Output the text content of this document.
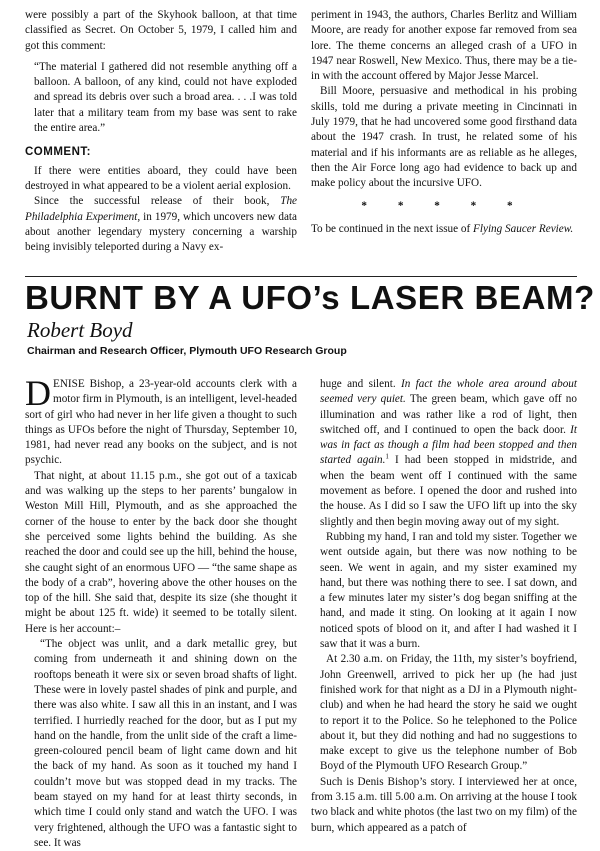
were possibly a part of the Skyhook balloon, at that time classified as Secret. On October 5, 1979, I called him and got this comment:

“The material I gathered did not resemble anything off a balloon. A balloon, of any kind, could not have exploded and spread its debris over such a broad area. . . .I was told later that a military team from my base was sent to rake the entire area.”

COMMENT:

If there were entities aboard, they could have been destroyed in what appeared to be a violent aerial explosion.

Since the successful release of their book, The Philadelphia Experiment, in 1979, which uncovers new data about another legendary mystery concerning a warship being invisibly teleported during a Navy ex-

periment in 1943, the authors, Charles Berlitz and William Moore, are ready for another expose far removed from sea lore. The theme concerns an alleged crash of a UFO in 1947 near Roswell, New Mexico. Thus, there may be a tie-in with the account offered by Major Jesse Marcel.

Bill Moore, persuasive and methodical in his probing skills, told me during a private meeting in Cincinnati in July 1979, that he had uncovered some good firsthand data about the 1947 crash. In trust, he related some of his material and if his informants are as reliable as he alleges, then the Air Force long ago had evidence to back up and make policy about the incursive UFO.

* * * * *

To be continued in the next issue of Flying Saucer Review.

BURNT BY A UFO’s LASER BEAM?
Robert Boyd
Chairman and Research Officer, Plymouth UFO Research Group

DENISE Bishop, a 23-year-old accounts clerk with a motor firm in Plymouth, is an intelligent, level-headed sort of girl who had never in her life given a thought to such things as UFOs before the night of Thursday, September 10, 1981, had never read any books on the subject, and is not psychic.

That night, at about 11.15 p.m., she got out of a taxicab and was walking up the steps to her parents’ bungalow in Weston Mill Hill, Plymouth, and as she approached the corner of the house to enter by the back door she thought she perceived some lights behind the building. As she reached the door and could see up the hill, behind the house, she caught sight of an enormous UFO — “the same shape as the body of a crab”, hovering above the other houses on the top of the hill. She said that, despite its size (she thought it might be about 125 ft. wide) it seemed to be totally silent. Here is her account:–

“The object was unlit, and a dark metallic grey, but coming from underneath it and shining down on the rooftops beneath it were six or seven broad shafts of light. These were in lovely pastel shades of pink and purple, and there was also white. I saw all this in an instant, and I was terrified. I hurriedly reached for the door, but as I put my hand on the handle, from the unlit side of the craft a lime-green-coloured pencil beam of light came down and hit the back of my hand. As soon as it touched my hand I couldn’t move but was stopped dead in my tracks. The beam stayed on my hand for at least thirty seconds, in which time I could only stand and watch the UFO. I was very frightened, although the UFO was a fantastic sight to see. It was

huge and silent. In fact the whole area around about seemed very quiet. The green beam, which gave off no illumination and was rather like a rod of light, then switched off, and I continued to open the back door. It was in fact as though a film had been stopped and then started again.$^1$ I had been stopped in midstride, and when the beam went off I continued with the same movement as before. I opened the door and rushed into the house. As I did so I saw the UFO lift up into the sky slightly and then begin moving away out of my sight.

Rubbing my hand, I ran and told my sister. Together we went outside again, but there was now nothing to be seen. We went in again, and my sister examined my hand, but there was nothing there to see. I sat down, and a few minutes later my sister’s dog began sniffing at the hand, and made it sting. On looking at it again I now noticed spots of blood on it, and after I had washed it I saw that it was a burn.

At 2.30 a.m. on Friday, the 11th, my sister’s boyfriend, John Greenwell, arrived to pick her up (he had just finished work for that night as a DJ in a Plymouth night-club) and when he had heard the story he said we ought to report it to the Police. So he telephoned to the Police about it, but they did nothing and had no suggestions to make except to give us the telephone number of Bob Boyd of the Plymouth UFO Research Group.”

Such is Denis Bishop’s story. I interviewed her at once, from 3.15 a.m. till 5.00 a.m. On arriving at the house I took two black and white photos (the last two on my film) of the burn, which appeared as a patch of
